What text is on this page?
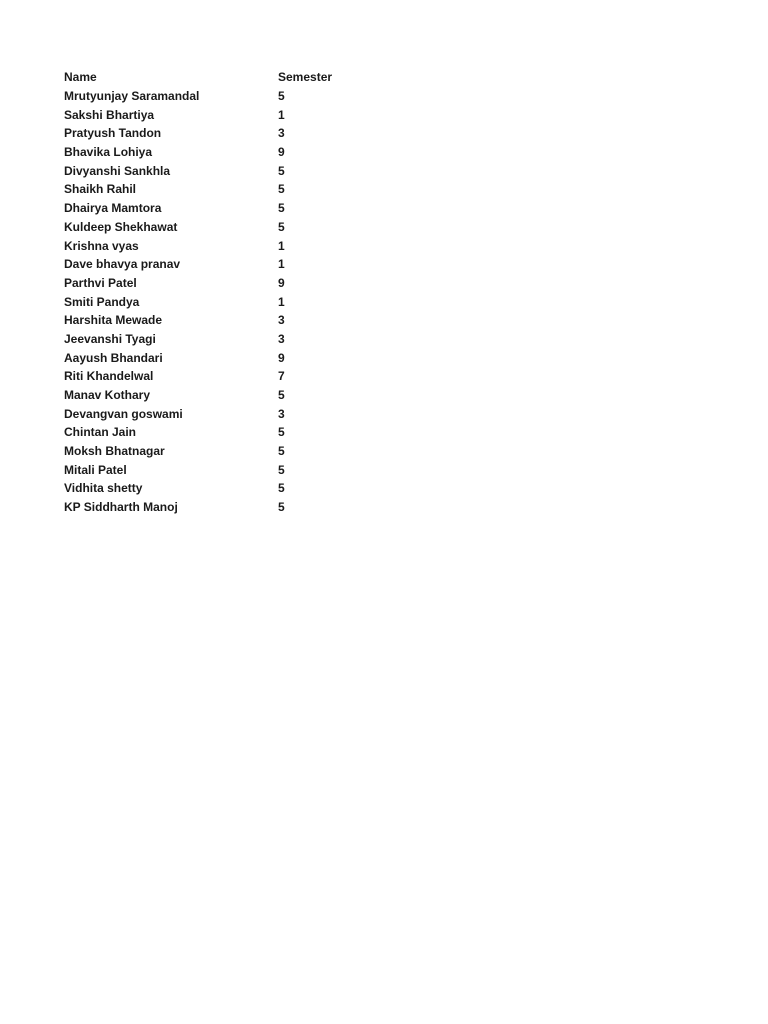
Name	Semester
Mrutyunjay Saramandal	5
Sakshi Bhartiya	1
Pratyush Tandon	3
Bhavika Lohiya	9
Divyanshi Sankhla	5
Shaikh Rahil	5
Dhairya Mamtora	5
Kuldeep Shekhawat	5
Krishna vyas	1
Dave bhavya pranav	1
Parthvi Patel	9
Smiti Pandya	1
Harshita Mewade	3
Jeevanshi Tyagi	3
Aayush Bhandari	9
Riti Khandelwal	7
Manav Kothary	5
Devangvan goswami	3
Chintan Jain	5
Moksh Bhatnagar	5
Mitali Patel	5
Vidhita shetty	5
KP Siddharth Manoj	5
